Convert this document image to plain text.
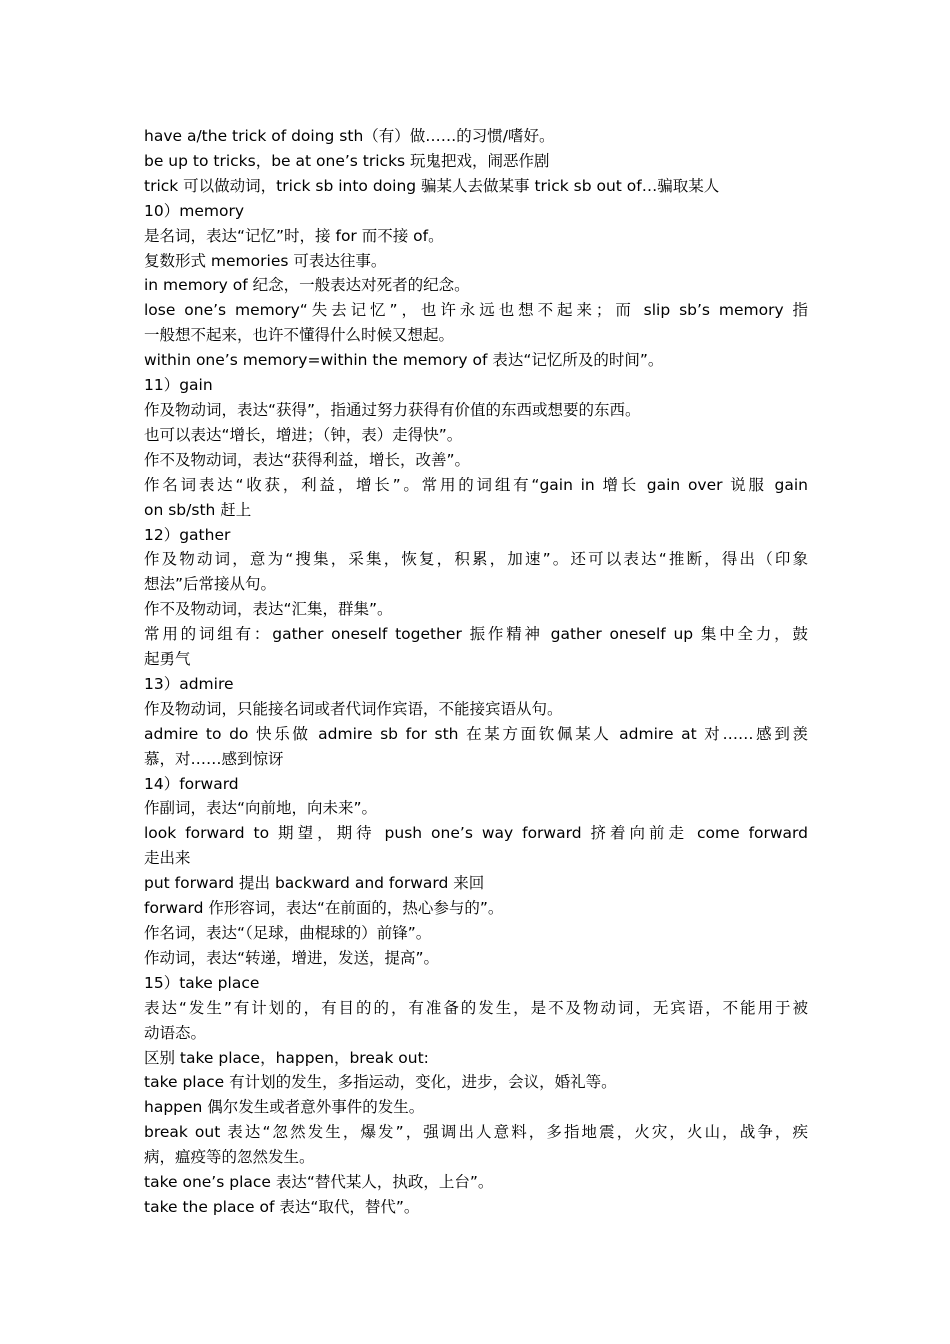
have a/the trick of doing sth（有）做……的习惯/嗜好。
be up to tricks，be at one’s tricks 玩鬼把戏，闹恶作剧
trick 可以做动词，trick sb into doing 骗某人去做某事 trick sb out of…骗取某人
10）memory
是名词，表达“记忆”时，接 for 而不接 of。
复数形式 memories 可表达往事。
in memory of 纪念，一般表达对死者的纪念。
lose one’s memory“失去记忆”，也许永远也想不起来；而 slip sb’s memory 指
一般想不起来，也许不懂得什么时候又想起。
within one’s memory=within the memory of 表达“记忆所及的时间”。
11）gain
作及物动词，表达“获得”，指通过努力获得有价值的东西或想要的东西。
也可以表达“增长，增进；（钟，表）走得快”。
作不及物动词，表达“获得利益，增长，改善”。
作名词表达“收获，利益，增长”。常用的词组有“gain in 增长 gain over 说服 gain
on sb/sth 赶上
12）gather
作及物动词，意为“搜集，采集，恢复，积累，加速”。还可以表达“推断，得出（印象
想法”后常接从句。
作不及物动词，表达“汇集，群集”。
常用的词组有：gather oneself together 振作精神 gather oneself up 集中全力，鼓
起勇气
13）admire
作及物动词，只能接名词或者代词作宾语，不能接宾语从句。
admire to do 快乐做 admire sb for sth 在某方面钦佩某人 admire at 对……感到羡
慕，对……感到惊讶
14）forward
作副词，表达“向前地，向未来”。
look forward to 期望，期待 push one’s way forward 挤着向前走 come forward
走出来
put forward 提出 backward and forward 来回
forward 作形容词，表达“在前面的，热心参与的”。
作名词，表达“（足球，曲棍球的）前锋”。
作动词，表达“转递，增进，发送，提高”。
15）take place
表达“发生”有计划的，有目的的，有准备的发生，是不及物动词，无宾语，不能用于被
动语态。
区别 take place，happen，break out:
take place 有计划的发生，多指运动，变化，进步，会议，婚礼等。
happen 偶尔发生或者意外事件的发生。
break out 表达“忽然发生，爆发”，强调出人意料，多指地震，火灾，火山，战争，疾
病，瘟疫等的忽然发生。
take one’s place 表达“替代某人，执政，上台”。
take the place of 表达“取代，替代”。
